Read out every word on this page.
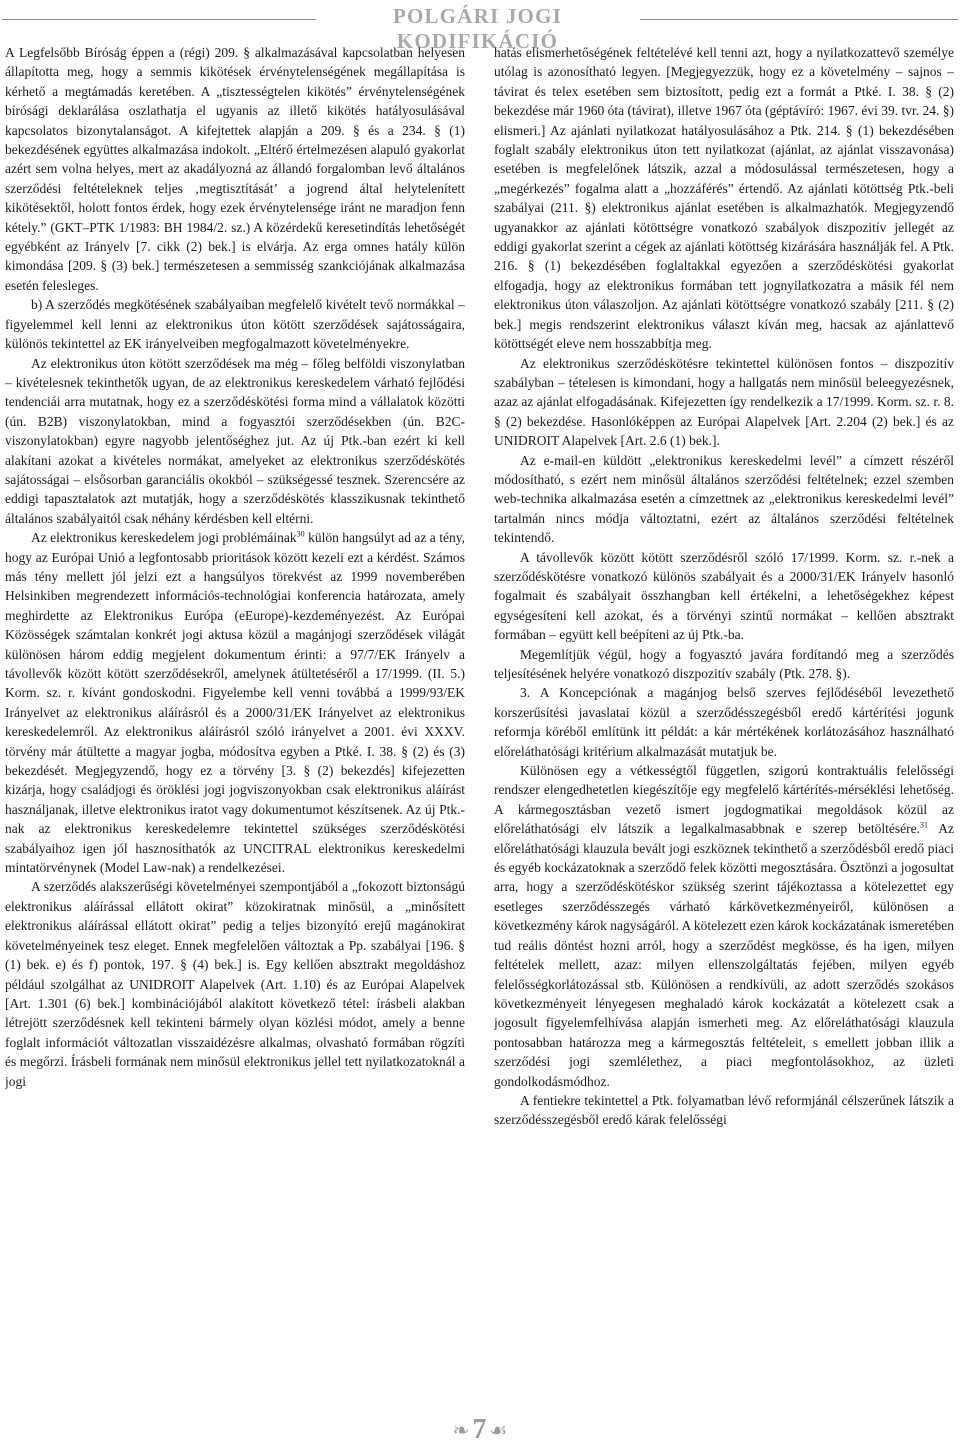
POLGÁRI JOGI KODIFIKÁCIÓ

A Legfelsőbb Bíróság éppen a (régi) 209. § alkalmazásával kapcsolatban helyesen állapította meg, hogy a semmis kikötések érvénytelenségének megállapítása is kérhető a megtámadás keretében. A „tisztességtelen kikötés” érvénytelenségének bírósági deklarálása oszlathatja el ugyanis az illető kikötés hatályosulásával kapcsolatos bizonytalanságot. A kifejtettek alapján a 209. § és a 234. § (1) bekezdésének együttes alkalmazása indokolt. „Eltérő értelmezésen alapuló gyakorlat azért sem volna helyes, mert az akadályozná az állandó forgalomban levő általános szerződési feltételeknek teljes ‚megtisztítását’ a jogrend által helytelenített kikötésektől, holott fontos érdek, hogy ezek érvénytelensége iránt ne maradjon fenn kétely.” (GKT–PTK 1/1983: BH 1984/2. sz.) A közérdekű keresetindítás lehetőségét egyébként az Irányelv [7. cikk (2) bek.] is elvárja. Az erga omnes hatály külön kimondása [209. § (3) bek.] természetesen a semmisség szankciójának alkalmazása esetén felesleges.

b) A szerződés megkötésének szabályaiban megfelelő kivételt tevő normákkal – figyelemmel kell lenni az elektronikus úton kötött szerződések sajátosságaira, különös tekintettel az EK irányelveiben megfogalmazott követelményekre.

Az elektronikus úton kötött szerződések ma még – főleg belföldi viszonylatban – kivételesnek tekinthetők ugyan, de az elektronikus kereskedelem várható fejlődési tendenciái arra mutatnak, hogy ez a szerződéskötési forma mind a vállalatok közötti (ún. B2B) viszonylatokban, mind a fogyasztói szerződésekben (ún. B2C-viszonylatokban) egyre nagyobb jelentőséghez jut. Az új Ptk.-ban ezért ki kell alakítani azokat a kivételes normákat, amelyeket az elektronikus szerződéskötés sajátosságai – elsősorban garanciális okokból – szükségessé tesznek. Szerencsére az eddigi tapasztalatok azt mutatják, hogy a szerződéskötés klasszikusnak tekinthető általános szabályaitól csak néhány kérdésben kell eltérni.

Az elektronikus kereskedelem jogi problémáinak$^{30}$ külön hangsúlyt ad az a tény, hogy az Európai Unió a legfontosabb prioritások között kezeli ezt a kérdést. Számos más tény mellett jól jelzi ezt a hangsúlyos törekvést az 1999 novemberében Helsinkiben megrendezett információs-technológiai konferencia határozata, amely meghirdette az Elektronikus Európa (eEurope)-kezdeményezést. Az Európai Közösségek számtalan konkrét jogi aktusa közül a magánjogi szerződések világát különösen három eddig megjelent dokumentum érinti: a 97/7/EK Irányelv a távollevők között kötött szerződésekről, amelynek átültetéséről a 17/1999. (II. 5.) Korm. sz. r. kívánt gondoskodni. Figyelembe kell venni továbbá a 1999/93/EK Irányelvet az elektronikus aláírásról és a 2000/31/EK Irányelvet az elektronikus kereskedelemről. Az elektronikus aláírásról szóló irányelvet a 2001. évi XXXV. törvény már átültette a magyar jogba, módosítva egyben a Ptké. I. 38. § (2) és (3) bekezdését. Megjegyzendő, hogy ez a törvény [3. § (2) bekezdés] kifejezetten kizárja, hogy családjogi és öröklési jogi jogviszonyokban csak elektronikus aláírást használjanak, illetve elektronikus iratot vagy dokumentumot készítsenek. Az új Ptk.-nak az elektronikus kereskedelemre tekintettel szükséges szerződéskötési szabályaihoz igen jól hasznosíthatók az UNCITRAL elektronikus kereskedelmi mintatörvénynek (Model Law-nak) a rendelkezései.

A szerződés alakszerűségi követelményei szempontjából a „fokozott biztonságú elektronikus aláírással ellátott okirat” közokiratnak minősül, a „minősített elektronikus aláírással ellátott okirat” pedig a teljes bizonyító erejű magánokirat követelményeinek tesz eleget. Ennek megfelelően változtak a Pp. szabályai [196. § (1) bek. e) és f) pontok, 197. § (4) bek.] is. Egy kellően absztrakt megoldáshoz például szolgálhat az UNIDROIT Alapelvek (Art. 1.10) és az Európai Alapelvek [Art. 1.301 (6) bek.] kombinációjából alakított következő tétel: írásbeli alakban létrejött szerződésnek kell tekinteni bármely olyan közlési módot, amely a benne foglalt információt változatlan visszaidézésre alkalmas, olvasható formában rögzíti és megőrzi. Írásbeli formának nem minősül elektronikus jellel tett nyilatkozatoknál a jogi

hatás elismerhetőségének feltételévé kell tenni azt, hogy a nyilatkozattevő személye utólag is azonosítható legyen. [Megjegyezzük, hogy ez a követelmény – sajnos – távirat és telex esetében sem biztosított, pedig ezt a formát a Ptké. I. 38. § (2) bekezdése már 1960 óta (távirat), illetve 1967 óta (géptávíró: 1967. évi 39. tvr. 24. §) elismeri.] Az ajánlati nyilatkozat hatályosulásához a Ptk. 214. § (1) bekezdésében foglalt szabály elektronikus úton tett nyilatkozat (ajánlat, az ajánlat visszavonása) esetében is megfelelőnek látszik, azzal a módosulással természetesen, hogy a „megérkezés” fogalma alatt a „hozzáférés” értendő. Az ajánlati kötöttség Ptk.-beli szabályai (211. §) elektronikus ajánlat esetében is alkalmazhatók. Megjegyzendő ugyanakkor az ajánlati kötöttségre vonatkozó szabályok diszpozitív jellegét az eddigi gyakorlat szerint a cégek az ajánlati kötöttség kizárására használják fel. A Ptk. 216. § (1) bekezdésében foglaltakkal egyezően a szerződéskötési gyakorlat elfogadja, hogy az elektronikus formában tett jognyilatkozatra a másik fél nem elektronikus úton válaszoljon. Az ajánlati kötöttségre vonatkozó szabály [211. § (2) bek.] megis rendszerint elektronikus választ kíván meg, hacsak az ajánlattevő kötöttségét eleve nem hosszabbítja meg.

Az elektronikus szerződéskötésre tekintettel különösen fontos – diszpozitív szabályban – tételesen is kimondani, hogy a hallgatás nem minősül beleegyezésnek, azaz az ajánlat elfogadásának. Kifejezetten így rendelkezik a 17/1999. Korm. sz. r. 8. § (2) bekezdése. Hasonlóképpen az Európai Alapelvek [Art. 2.204 (2) bek.] és az UNIDROIT Alapelvek [Art. 2.6 (1) bek.].

Az e-mail-en küldött „elektronikus kereskedelmi levél” a címzett részéről módosítható, s ezért nem minősül általános szerződési feltételnek; ezzel szemben web-technika alkalmazása esetén a címzettnek az „elektronikus kereskedelmi levél” tartalmán nincs módja változtatni, ezért az általános szerződési feltételnek tekintendő.

A távollevők között kötött szerződésről szóló 17/1999. Korm. sz. r.-nek a szerződéskötésre vonatkozó különös szabályait és a 2000/31/EK Irányelv hasonló fogalmait és szabályait összhangban kell értékelni, a lehetőségekhez képest egységesíteni kell azokat, és a törvényi szintű normákat – kellően absztrakt formában – együtt kell beépíteni az új Ptk.-ba.

Megemlítjük végül, hogy a fogyasztó javára fordítandó meg a szerződés teljesítésének helyére vonatkozó diszpozitív szabály (Ptk. 278. §).

3. A Koncepciónak a magánjog belső szerves fejlődéséből levezethető korszerűsítési javaslatai közül a szerződésszegésből eredő kártérítési jogunk reformja köréből említünk itt példát: a kár mértékének korlátozásához használható előreláthatósági kritérium alkalmazását mutatjuk be.

Különösen egy a vétkességtől független, szigorú kontraktuális felelősségi rendszer elengedhetetlen kiegészítője egy megfelelő kártérítés-mérséklési lehetőség. A kármegosztásban vezető ismert jogdogmatikai megoldások közül az előreláthatósági elv látszik a legalkalmasabbnak e szerep betöltésére.$^{31}$ Az előreláthatósági klauzula bevált jogi eszköznek tekinthető a szerződésből eredő piaci és egyéb kockázatoknak a szerződő felek közötti megosztására. Ösztönzi a jogosultat arra, hogy a szerződéskötéskor szükség szerint tájékoztassa a kötelezettet egy esetleges szerződésszegés várható kárkövetkezményeiről, különösen a következmény károk nagyságáról. A kötelezett ezen károk kockázatának ismeretében tud reális döntést hozni arról, hogy a szerződést megkösse, és ha igen, milyen feltételek mellett, azaz: milyen ellenszolgáltatás fejében, milyen egyéb felelősségkorlátozással stb. Különösen a rendkívüli, az adott szerződés szokásos következményeit lényegesen meghaladó károk kockázatát a kötelezett csak a jogosult figyelemfelhívása alapján ismerheti meg. Az előreláthatósági klauzula pontosabban határozza meg a kármegosztás feltételeit, s emellett jobban illik a szerződési jogi szemlélethez, a piaci megfontolásokhoz, az üzleti gondolkodásmódhoz.

A fentiekre tekintettel a Ptk. folyamatban lévő reformjánál célszerűnek látszik a szerződésszegésből eredő kárak felelősségi

❧ 7 ☙
